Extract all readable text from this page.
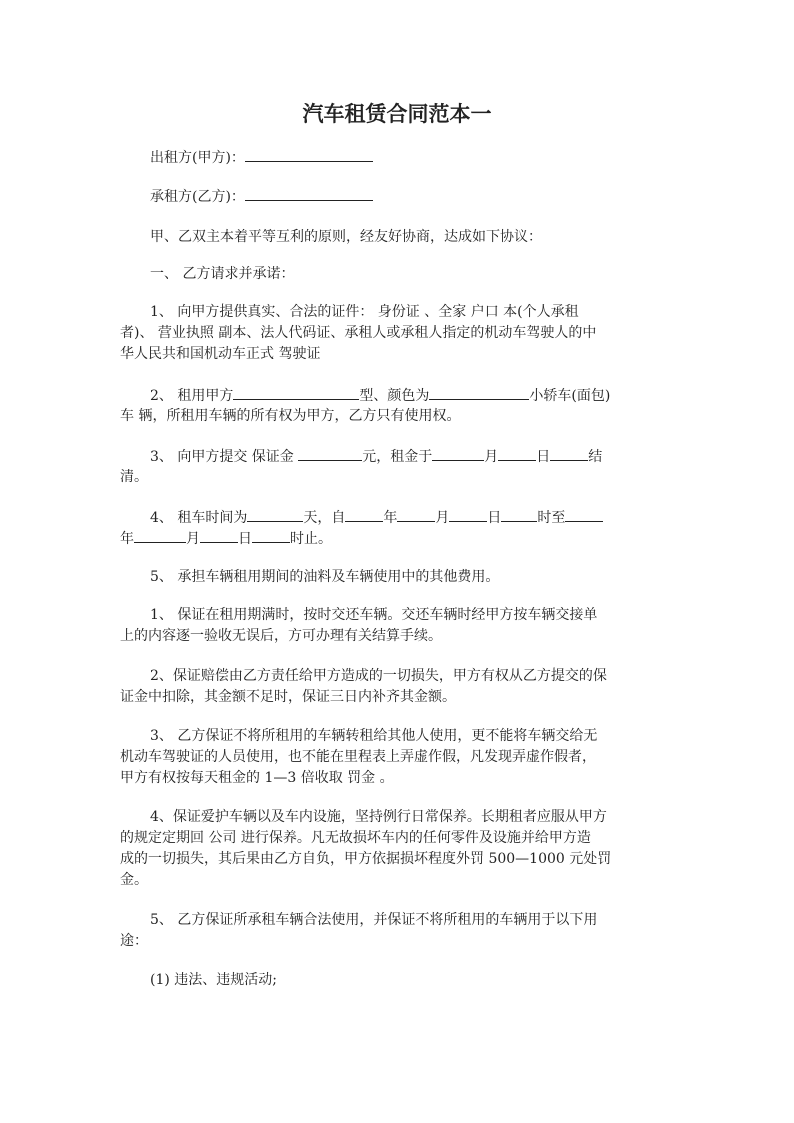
汽车租赁合同范本一
出租方(甲方)：
承租方(乙方)：
甲、乙双主本着平等互利的原则，经友好协商，达成如下协议：
一、 乙方请求并承诺：
1、 向甲方提供真实、合法的证件： 身份证 、全家 户口 本(个人承租
者)、 营业执照 副本、法人代码证、承租人或承租人指定的机动车驾驶人的中
华人民共和国机动车正式 驾驶证
2、 租用甲方	型、颜色为	小轿车(面包)
车 辆，所租用车辆的所有权为甲方，乙方只有使用权。
3、 向甲方提交 保证金	元，租金于	月	日	结
清。
4、 租车时间为	天，自	年	月	日	时至
年	月	日	时止。
5、 承担车辆租用期间的油料及车辆使用中的其他费用。
1、 保证在租用期满时，按时交还车辆。交还车辆时经甲方按车辆交接单
上的内容逐一验收无误后，方可办理有关结算手续。
2、保证赔偿由乙方责任给甲方造成的一切损失，甲方有权从乙方提交的保
证金中扣除，其金额不足时，保证三日内补齐其金额。
3、 乙方保证不将所租用的车辆转租给其他人使用，更不能将车辆交给无
机动车驾驶证的人员使用，也不能在里程表上弄虚作假，凡发现弄虚作假者，
甲方有权按每天租金的 1—3 倍收取 罚金 。
4、保证爱护车辆以及车内设施，坚持例行日常保养。长期租者应服从甲方
的规定定期回 公司 进行保养。凡无故损坏车内的任何零件及设施并给甲方造
成的一切损失，其后果由乙方自负，甲方依据损坏程度外罚 500—1000 元处罚
金。
5、 乙方保证所承租车辆合法使用，并保证不将所租用的车辆用于以下用
途：
(1) 违法、违规活动;
